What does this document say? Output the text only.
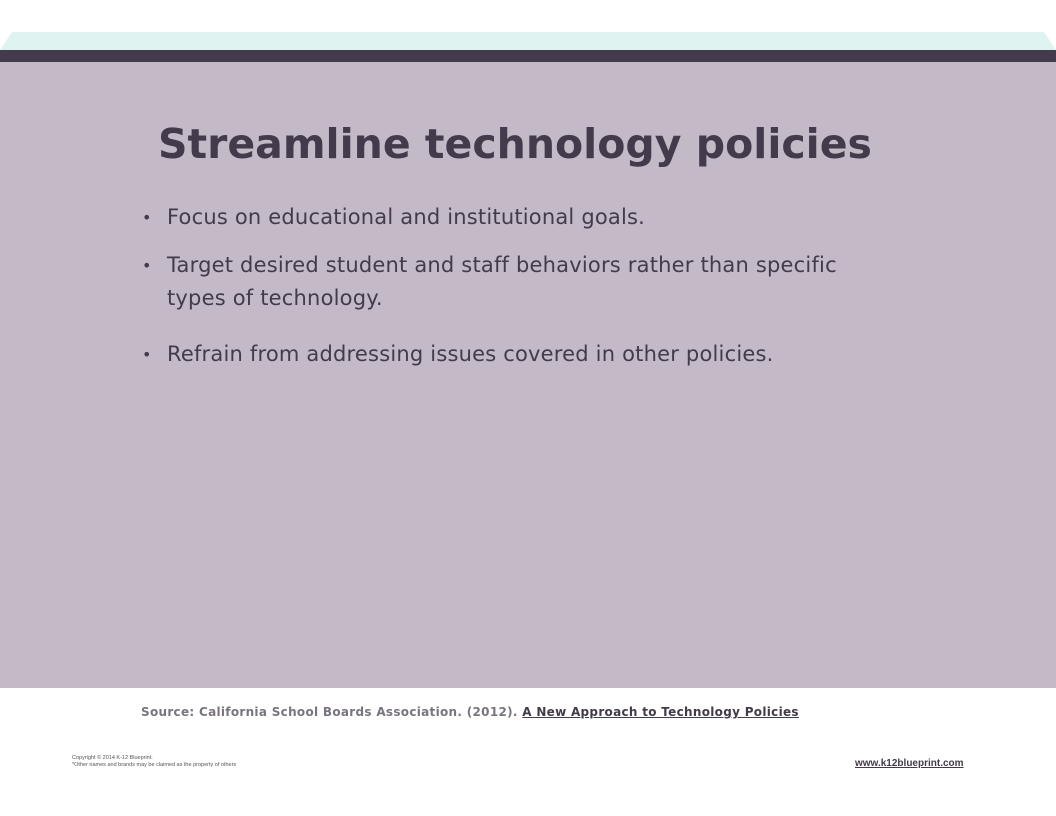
Streamline technology policies
• Focus on educational and institutional goals.
• Target desired student and staff behaviors rather than specific types of technology.
• Refrain from addressing issues covered in other policies.
Source: California School Boards Association. (2012). A New Approach to Technology Policies
Copyright © 2014 K-12 Blueprint.
*Other names and brands may be claimed as the property of others	www.k12blueprint.com
